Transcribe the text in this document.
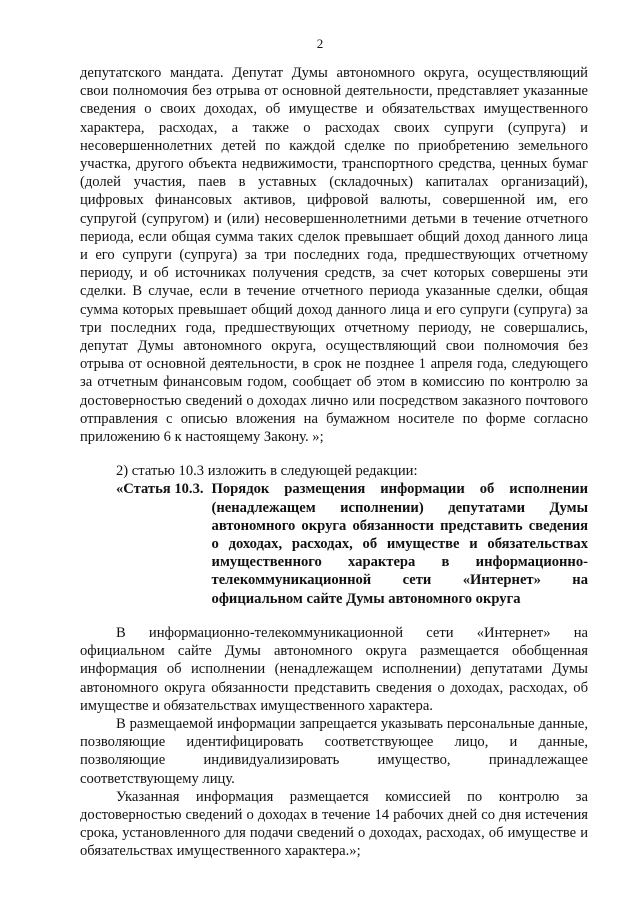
2

депутатского мандата. Депутат Думы автономного округа, осуществляющий свои полномочия без отрыва от основной деятельности, представляет указанные сведения о своих доходах, об имуществе и обязательствах имущественного характера, расходах, а также о расходах своих супруги (супруга) и несовершеннолетних детей по каждой сделке по приобретению земельного участка, другого объекта недвижимости, транспортного средства, ценных бумаг (долей участия, паев в уставных (складочных) капиталах организаций), цифровых финансовых активов, цифровой валюты, совершенной им, его супругой (супругом) и (или) несовершеннолетними детьми в течение отчетного периода, если общая сумма таких сделок превышает общий доход данного лица и его супруги (супруга) за три последних года, предшествующих отчетному периоду, и об источниках получения средств, за счет которых совершены эти сделки. В случае, если в течение отчетного периода указанные сделки, общая сумма которых превышает общий доход данного лица и его супруги (супруга) за три последних года, предшествующих отчетному периоду, не совершались, депутат Думы автономного округа, осуществляющий свои полномочия без отрыва от основной деятельности, в срок не позднее 1 апреля года, следующего за отчетным финансовым годом, сообщает об этом в комиссию по контролю за достоверностью сведений о доходах лично или посредством заказного почтового отправления с описью вложения на бумажном носителе по форме согласно приложению 6 к настоящему Закону. »;

2) статью 10.3 изложить в следующей редакции:

«Статья 10.3. Порядок размещения информации об исполнении (ненадлежащем исполнении) депутатами Думы автономного округа обязанности представить сведения о доходах, расходах, об имуществе и обязательствах имущественного характера в информационно-телекоммуникационной сети «Интернет» на официальном сайте Думы автономного округа

В информационно-телекоммуникационной сети «Интернет» на официальном сайте Думы автономного округа размещается обобщенная информация об исполнении (ненадлежащем исполнении) депутатами Думы автономного округа обязанности представить сведения о доходах, расходах, об имуществе и обязательствах имущественного характера.

В размещаемой информации запрещается указывать персональные данные, позволяющие идентифицировать соответствующее лицо, и данные, позволяющие индивидуализировать имущество, принадлежащее соответствующему лицу.

Указанная информация размещается комиссией по контролю за достоверностью сведений о доходах в течение 14 рабочих дней со дня истечения срока, установленного для подачи сведений о доходах, расходах, об имуществе и обязательствах имущественного характера.»;
